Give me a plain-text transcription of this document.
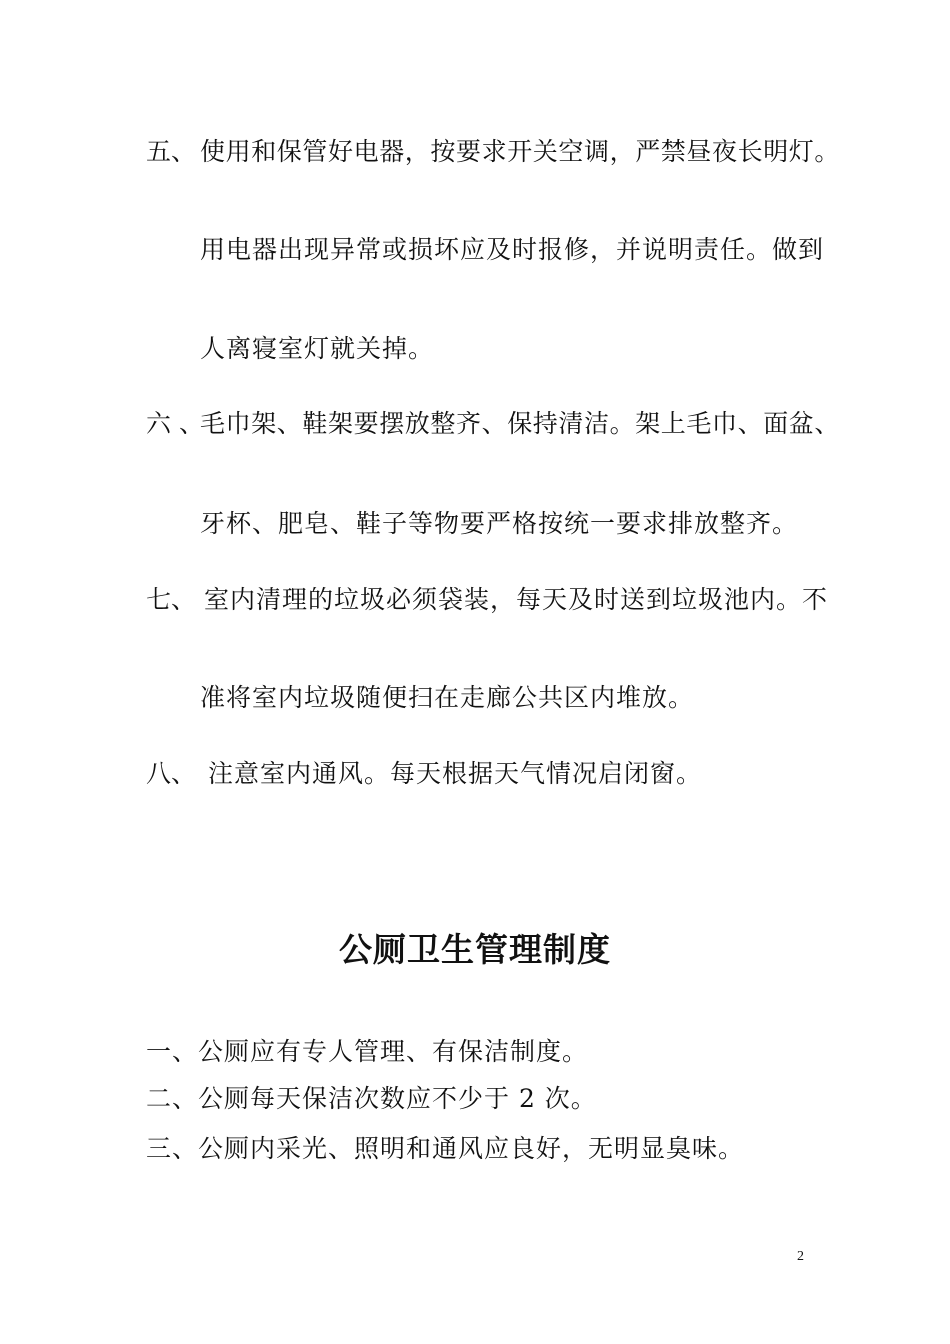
五、 使用和保管好电器，按要求开关空调，严禁昼夜长明灯。
用电器出现异常或损坏应及时报修，并说明责任。做到
人离寝室灯就关掉。
六 、
毛巾架、鞋架要摆放整齐、保持清洁。架上毛巾、面盆、
牙杯、肥皂、鞋子等物要严格按统一要求排放整齐。
七、 室内清理的垃圾必须袋装，每天及时送到垃圾池内。不
准将室内垃圾随便扫在走廊公共区内堆放。
八、 注意室内通风。每天根据天气情况启闭窗。
公厕卫生管理制度
一、公厕应有专人管理、有保洁制度。
二、公厕每天保洁次数应不少于 2 次。
三、公厕内采光、照明和通风应良好，无明显臭味。
2
